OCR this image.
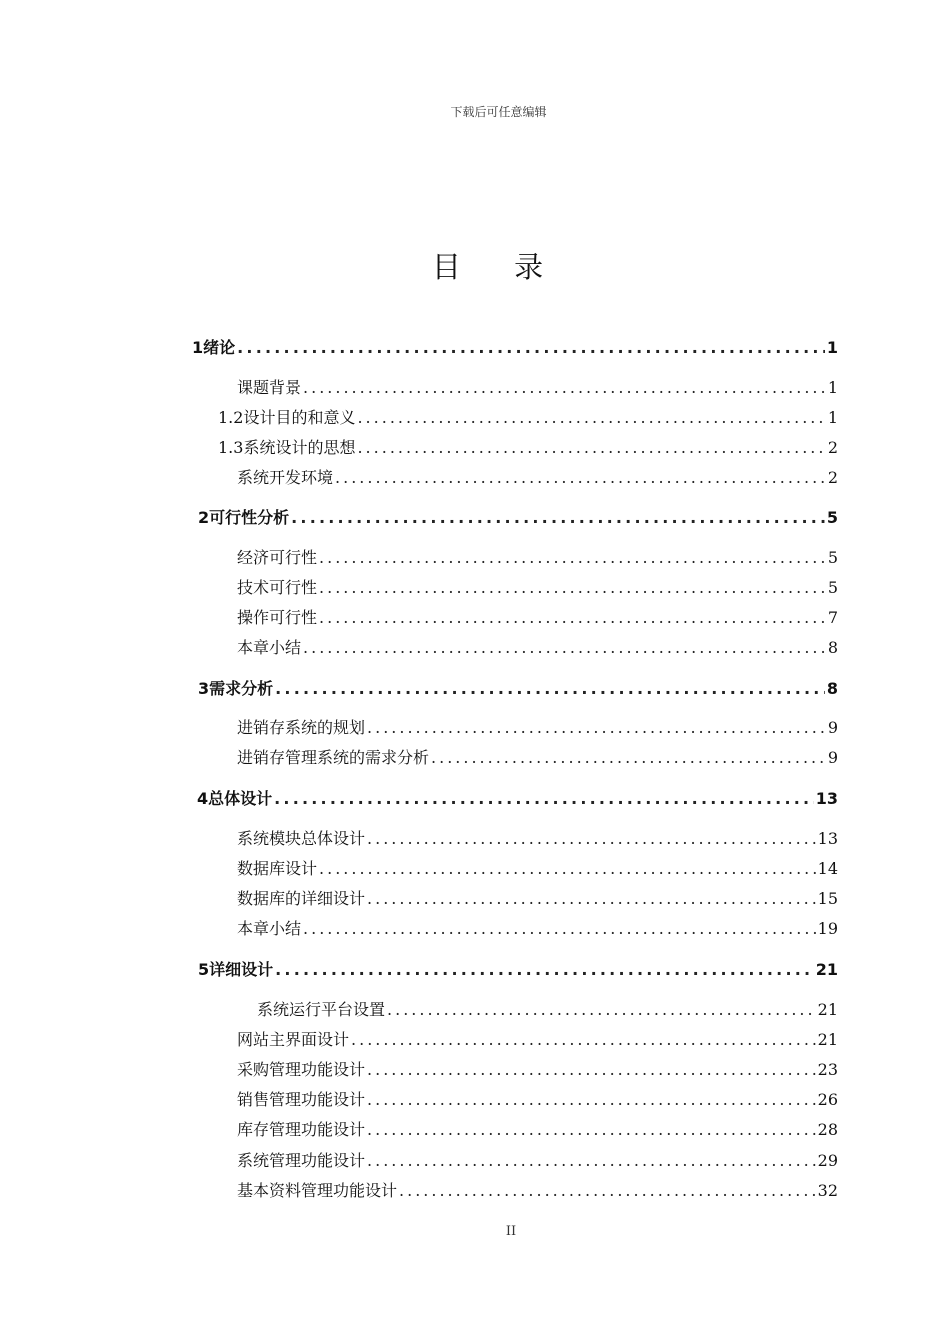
下载后可任意编辑
目 录
1 绪论 .....	1
课题背景 .....	1
1.2 设计目的和意义 .....	1
1.3 系统设计的思想 .....	2
系统开发环境 .....	2
2 可行性分析 .....	5
经济可行性 .....	5
技术可行性 .....	5
操作可行性 .....	7
本章小结 .....	8
3 需求分析 .....	8
进销存系统的规划 .....	9
进销存管理系统的需求分析 .....	9
4 总体设计 .....	13
系统模块总体设计 .....	13
数据库设计 .....	14
数据库的详细设计 .....	15
本章小结 .....	19
5 详细设计 .....	21
系统运行平台设置 .....	21
网站主界面设计 .....	21
采购管理功能设计 .....	23
销售管理功能设计 .....	26
库存管理功能设计 .....	28
系统管理功能设计 .....	29
基本资料管理功能设计 .....	32
II
